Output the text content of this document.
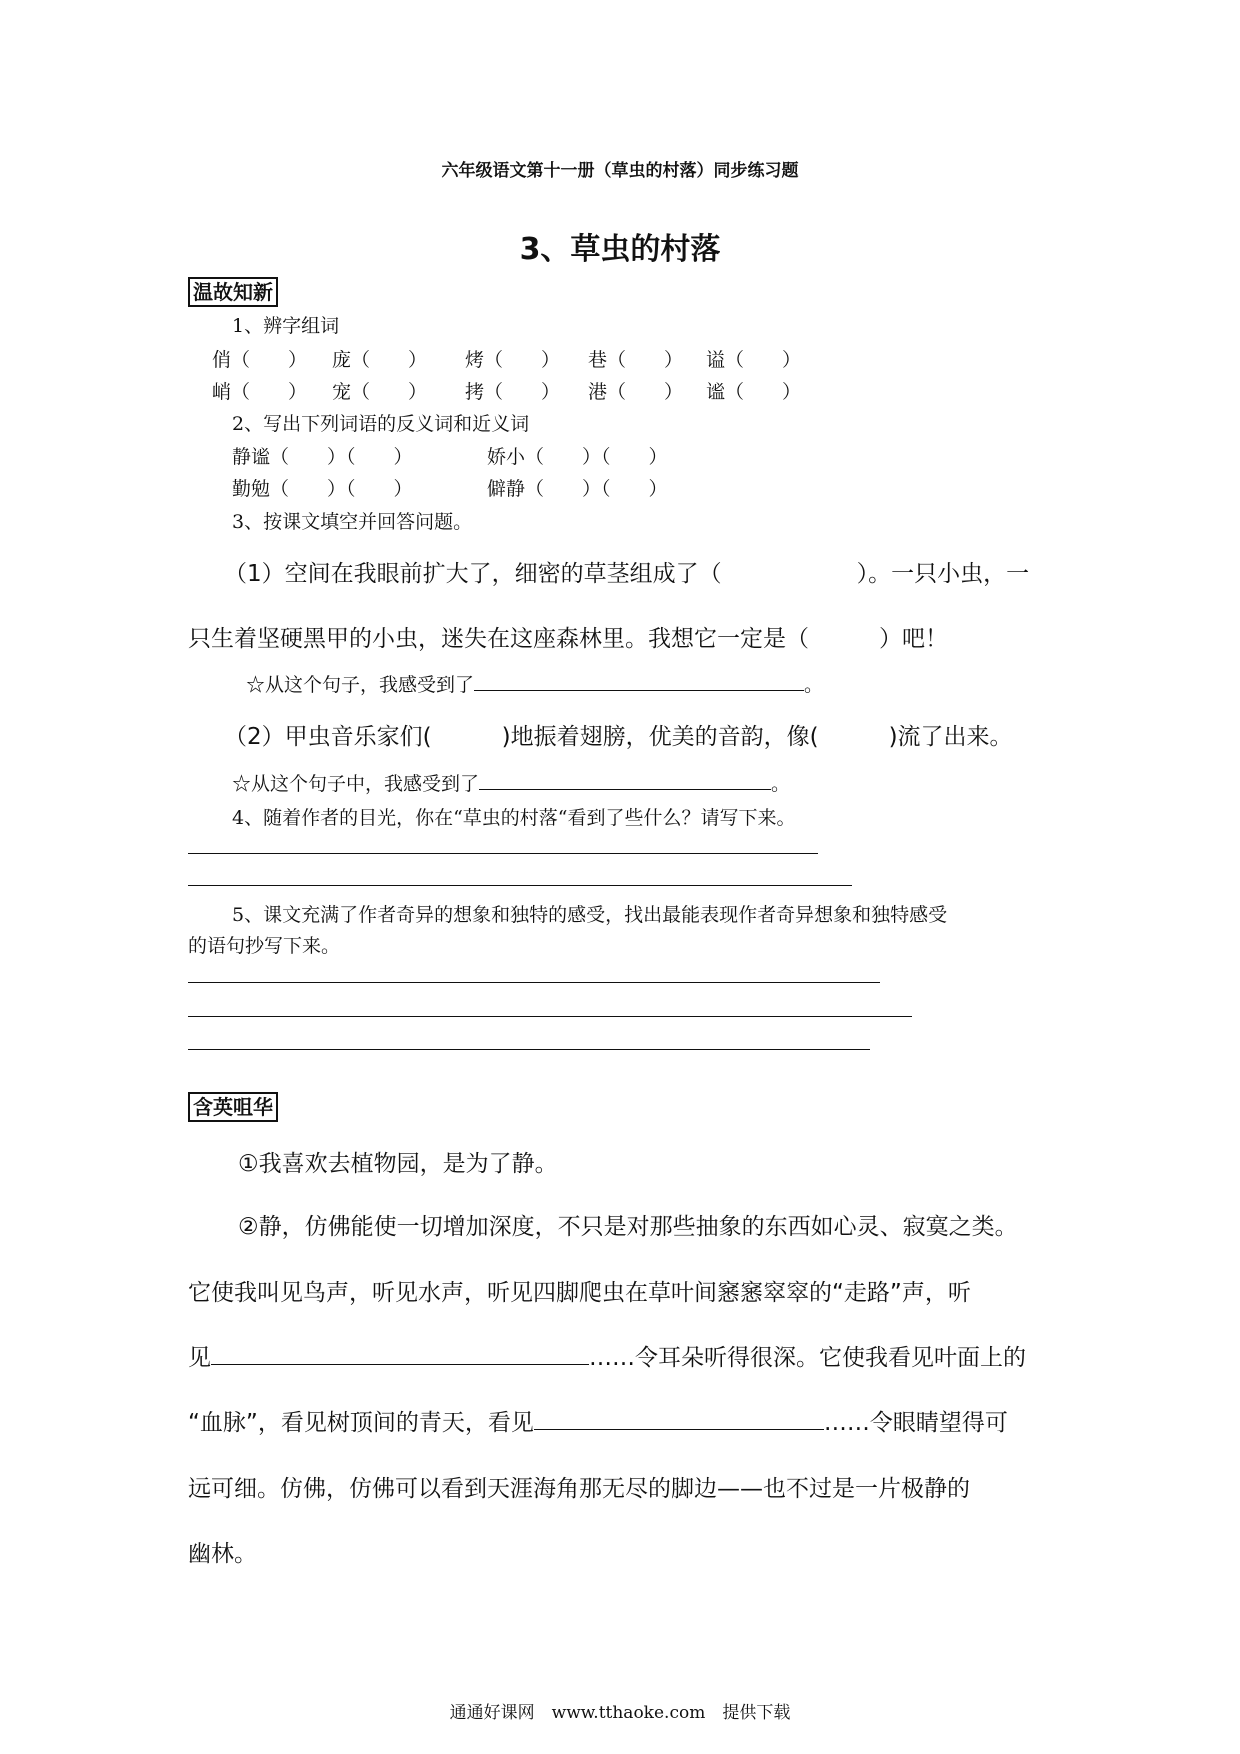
六年级语文第十一册（草虫的村落）同步练习题
3、草虫的村落
温故知新
1、辨字组词
俏（　　） 庞（　　） 烤（　　） 巷（　　） 谥（　　）
峭（　　） 宠（　　） 拷（　　） 港（　　） 谧（　　）
2、写出下列词语的反义词和近义词
静谧（　　）（　　）	娇小（　　）（　　）
勤勉（　　）（　　）	僻静（　　）（　　）
3、按课文填空并回答问题。
（1）空间在我眼前扩大了，细密的草茎组成了（	）。一只小虫，一
只生着坚硬黑甲的小虫，迷失在这座森林里。我想它一定是（	）吧！
☆从这个句子，我感受到了	。
（2）甲虫音乐家们(	)地振着翅膀，优美的音韵，像(	)流了出来。
☆从这个句子中，我感受到了	。
4、随着作者的目光，你在“草虫的村落“看到了些什么？请写下来。
5、课文充满了作者奇异的想象和独特的感受，找出最能表现作者奇异想象和独特感受
的语句抄写下来。
含英咀华
①我喜欢去植物园，是为了静。
②静，仿佛能使一切增加深度，不只是对那些抽象的东西如心灵、寂寞之类。
它使我叫见鸟声，听见水声，听见四脚爬虫在草叶间窸窸窣窣的“走路”声，听
见	……令耳朵听得很深。它使我看见叶面上的
“血脉”，看见树顶间的青天，看见	……令眼睛望得可
远可细。仿佛，仿佛可以看到天涯海角那无尽的脚边——也不过是一片极静的
幽林。
通通好课网　www.tthaoke.com　提供下载
